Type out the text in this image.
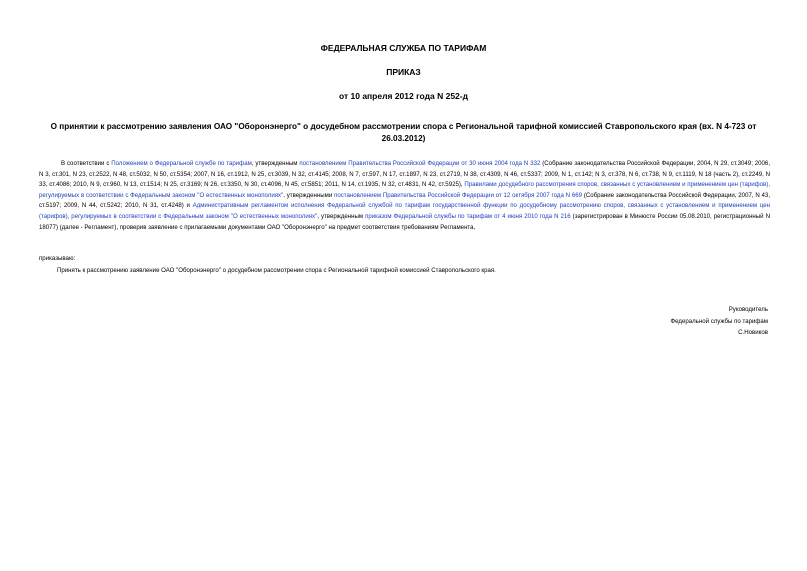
ФЕДЕРАЛЬНАЯ СЛУЖБА ПО ТАРИФАМ

ПРИКАЗ

от 10 апреля 2012 года N 252-д

О принятии к рассмотрению заявления ОАО "Оборонэнерго" о досудебном рассмотрении спора с Региональной тарифной комиссией Ставропольского края (вх. N 4-723 от 26.03.2012)

В соответствии с Положением о Федеральной службе по тарифам, утвержденным постановлением Правительства Российской Федерации от 30 июня 2004 года N 332 (Собрание законодательства Российской Федерации, 2004, N 29, ст.3049; 2006, N 3, ст.301, N 23, ст.2522, N 48, ст.5032, N 50, ст.5354; 2007, N 16, ст.1912, N 25, ст.3039, N 32, ст.4145; 2008, N 7, ст.597, N 17, ст.1897, N 23, ст.2719, N 38, ст.4309, N 46, ст.5337; 2009, N 1, ст.142; N 3, ст.378, N 6, ст.738, N 9, ст.1119, N 18 (часть 2), ст.2249, N 33, ст.4086; 2010, N 9, ст.960, N 13, ст.1514; N 25, ст.3169; N 26, ст.3350, N 30, ст.4096, N 45, ст.5851; 2011, N 14, ст.1935, N 32, ст.4831, N 42, ст.5925), Правилами досудебного рассмотрения споров, связанных с установлением и применением цен (тарифов), регулируемых в соответствии с Федеральным законом "О естественных монополиях", утвержденными постановлением Правительства Российской Федерации от 12 октября 2007 года N 669 (Собрание законодательства Российской Федерации, 2007, N 43, ст.5197; 2009, N 44, ст.5242; 2010, N 31, ст.4248) и Административным регламентом исполнения Федеральной службой по тарифам государственной функции по досудебному рассмотрению споров, связанных с установлением и применением цен (тарифов), регулируемых в соответствии с Федеральным законом "О естественных монополиях", утвержденным приказом Федеральной службы по тарифам от 4 июня 2010 года N 216 (зарегистрирован в Минюсте России 05.08.2010, регистрационный N 18077) (далее - Регламент), проверив заявление с прилагаемыми документами ОАО "Оборонэнерго" на предмет соответствия требованиям Регламента,

приказываю:

Принять к рассмотрению заявление ОАО "Оборонэнерго" о досудебном рассмотрении спора с Региональной тарифной комиссией Ставропольского края.

Руководитель

Федеральной службы по тарифам

С.Новиков
